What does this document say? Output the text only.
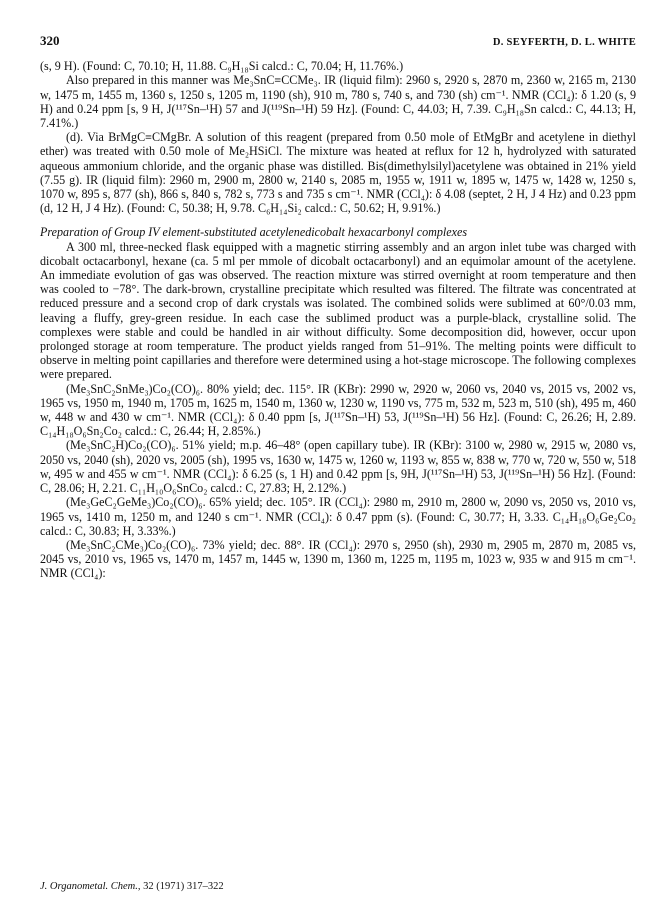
320	D. SEYFERTH, D. L. WHITE

(s, 9 H). (Found: C, 70.10; H, 11.88. C₉H₁₈Si calcd.: C, 70.04; H, 11.76%.)

Also prepared in this manner was Me₃SnC≡CCMe₃. IR (liquid film): 2960 s, 2920 s, 2870 m, 2360 w, 2165 m, 2130 w, 1475 m, 1455 m, 1360 s, 1250 s, 1205 m, 1190 (sh), 910 m, 780 s, 740 s, and 730 (sh) cm⁻¹. NMR (CCl₄): δ 1.20 (s, 9 H) and 0.24 ppm [s, 9 H, J(¹¹⁷Sn–¹H) 57 and J(¹¹⁹Sn–¹H) 59 Hz]. (Found: C, 44.03; H, 7.39. C₉H₁₈Sn calcd.: C, 44.13; H, 7.41%.)

(d). Via BrMgC≡CMgBr. A solution of this reagent (prepared from 0.50 mole of EtMgBr and acetylene in diethyl ether) was treated with 0.50 mole of Me₂HSiCl. The mixture was heated at reflux for 12 h, hydrolyzed with saturated aqueous ammonium chloride, and the organic phase was distilled. Bis(dimethylsilyl)acetylene was obtained in 21% yield (7.55 g). IR (liquid film): 2960 m, 2900 m, 2800 w, 2140 s, 2085 m, 1955 w, 1911 w, 1895 w, 1475 w, 1428 w, 1250 s, 1070 w, 895 s, 877 (sh), 866 s, 840 s, 782 s, 773 s and 735 s cm⁻¹. NMR (CCl₄): δ 4.08 (septet, 2 H, J 4 Hz) and 0.23 ppm (d, 12 H, J 4 Hz). (Found: C, 50.38; H, 9.78. C₆H₁₄Si₂ calcd.: C, 50.62; H, 9.91%.)

Preparation of Group IV element-substituted acetylenedicobalt hexacarbonyl complexes

A 300 ml, three-necked flask equipped with a magnetic stirring assembly and an argon inlet tube was charged with dicobalt octacarbonyl, hexane (ca. 5 ml per mmole of dicobalt octacarbonyl) and an equimolar amount of the acetylene. An immediate evolution of gas was observed. The reaction mixture was stirred overnight at room temperature and then was cooled to −78°. The dark-brown, crystalline precipitate which resulted was filtered. The filtrate was concentrated at reduced pressure and a second crop of dark crystals was isolated. The combined solids were sublimed at 60°/0.03 mm, leaving a fluffy, grey-green residue. In each case the sublimed product was a purple-black, crystalline solid. The complexes were stable and could be handled in air without difficulty. Some decomposition did, however, occur upon prolonged storage at room temperature. The product yields ranged from 51–91%. The melting points were difficult to observe in melting point capillaries and therefore were determined using a hot-stage microscope. The following complexes were prepared.

(Me₃SnC₂SnMe₃)Co₂(CO)₆. 80% yield; dec. 115°. IR (KBr): 2990 w, 2920 w, 2060 vs, 2040 vs, 2015 vs, 2002 vs, 1965 vs, 1950 m, 1940 m, 1705 m, 1625 m, 1540 m, 1360 w, 1230 w, 1190 vs, 775 m, 532 m, 523 m, 510 (sh), 495 m, 460 w, 448 w and 430 w cm⁻¹. NMR (CCl₄): δ 0.40 ppm [s, J(¹¹⁷Sn–¹H) 53, J(¹¹⁹Sn–¹H) 56 Hz]. (Found: C, 26.26; H, 2.89. C₁₄H₁₈O₆Sn₂Co₂ calcd.: C, 26.44; H, 2.85%.)

(Me₃SnC₂H)Co₂(CO)₆. 51% yield; m.p. 46–48° (open capillary tube). IR (KBr): 3100 w, 2980 w, 2915 w, 2080 vs, 2050 vs, 2040 (sh), 2020 vs, 2005 (sh), 1995 vs, 1630 w, 1475 w, 1260 w, 1193 w, 855 w, 838 w, 770 w, 720 w, 550 w, 518 w, 495 w and 455 w cm⁻¹. NMR (CCl₄): δ 6.25 (s, 1 H) and 0.42 ppm [s, 9H, J(¹¹⁷Sn–¹H) 53, J(¹¹⁹Sn–¹H) 56 Hz]. (Found: C, 28.06; H, 2.21. C₁₁H₁₀O₆SnCo₂ calcd.: C, 27.83; H, 2.12%.)

(Me₃GeC₂GeMe₃)Co₂(CO)₆. 65% yield; dec. 105°. IR (CCl₄): 2980 m, 2910 m, 2800 w, 2090 vs, 2050 vs, 2010 vs, 1965 vs, 1410 m, 1250 m, and 1240 s cm⁻¹. NMR (CCl₄): δ 0.47 ppm (s). (Found: C, 30.77; H, 3.33. C₁₄H₁₈O₆Ge₂Co₂ calcd.: C, 30.83; H, 3.33%.)

(Me₃SnC₂CMe₃)Co₂(CO)₆. 73% yield; dec. 88°. IR (CCl₄): 2970 s, 2950 (sh), 2930 m, 2905 m, 2870 m, 2085 vs, 2045 vs, 2010 vs, 1965 vs, 1470 m, 1457 m, 1445 w, 1390 m, 1360 m, 1225 m, 1195 m, 1023 w, 935 w and 915 m cm⁻¹. NMR (CCl₄):

J. Organometal. Chem., 32 (1971) 317–322
